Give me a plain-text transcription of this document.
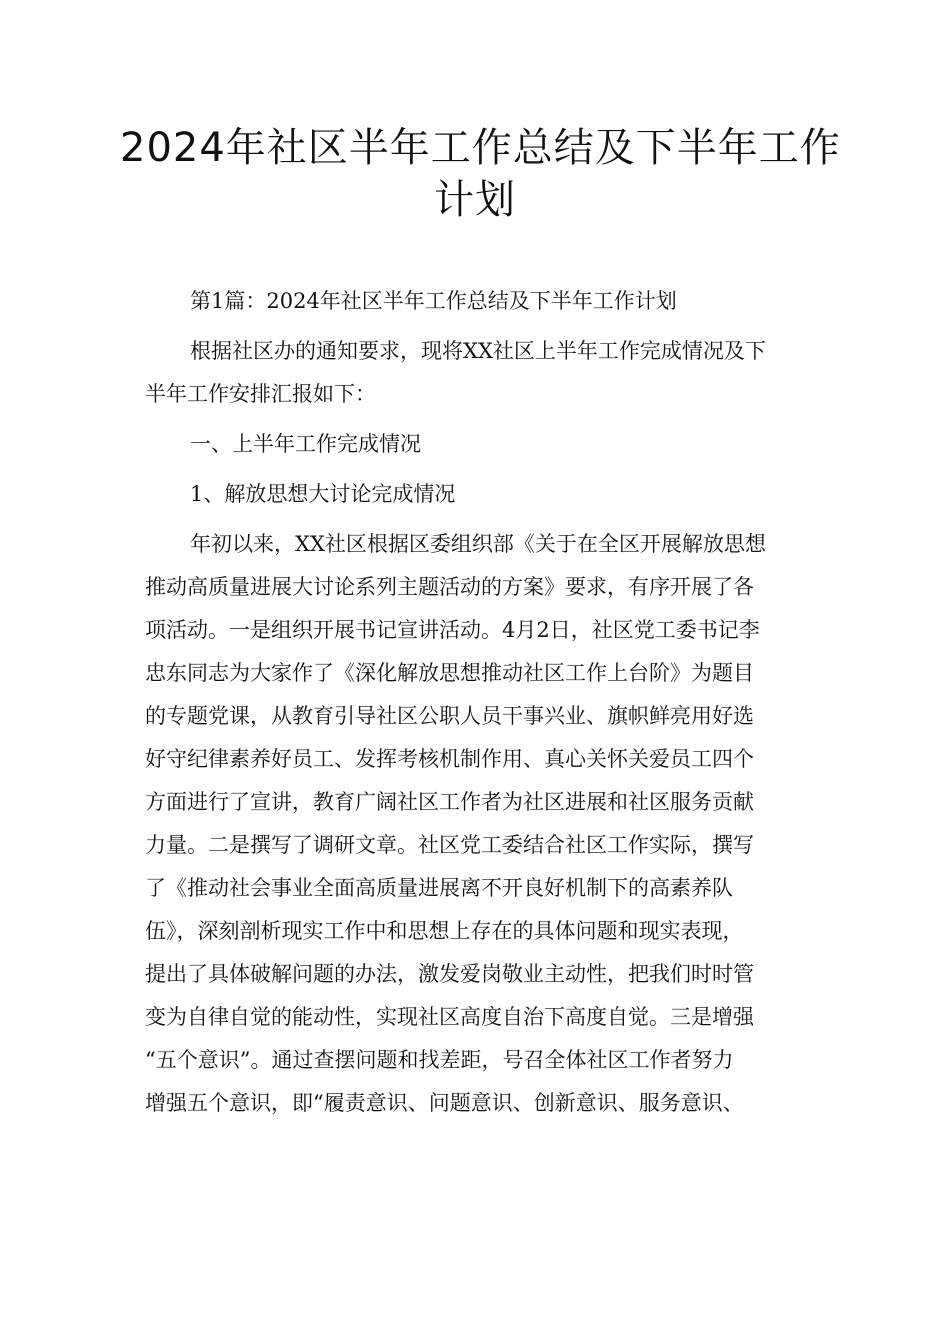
2024年社区半年工作总结及下半年工作
计划

第1篇：2024年社区半年工作总结及下半年工作计划

根据社区办的通知要求，现将XX社区上半年工作完成情况及下
半年工作安排汇报如下：

一、上半年工作完成情况

1、解放思想大讨论完成情况

年初以来，XX社区根据区委组织部《关于在全区开展解放思想
推动高质量进展大讨论系列主题活动的方案》要求，有序开展了各
项活动。一是组织开展书记宣讲活动。4月2日，社区党工委书记李
忠东同志为大家作了《深化解放思想推动社区工作上台阶》为题目
的专题党课，从教育引导社区公职人员干事兴业、旗帜鲜亮用好选
好守纪律素养好员工、发挥考核机制作用、真心关怀关爱员工四个
方面进行了宣讲，教育广阔社区工作者为社区进展和社区服务贡献
力量。二是撰写了调研文章。社区党工委结合社区工作实际，撰写
了《推动社会事业全面高质量进展离不开良好机制下的高素养队
伍》，深刻剖析现实工作中和思想上存在的具体问题和现实表现，
提出了具体破解问题的办法，激发爱岗敬业主动性，把我们时时管
变为自律自觉的能动性，实现社区高度自治下高度自觉。三是增强
“五个意识”。通过查摆问题和找差距，号召全体社区工作者努力
增强五个意识，即“履责意识、问题意识、创新意识、服务意识、
